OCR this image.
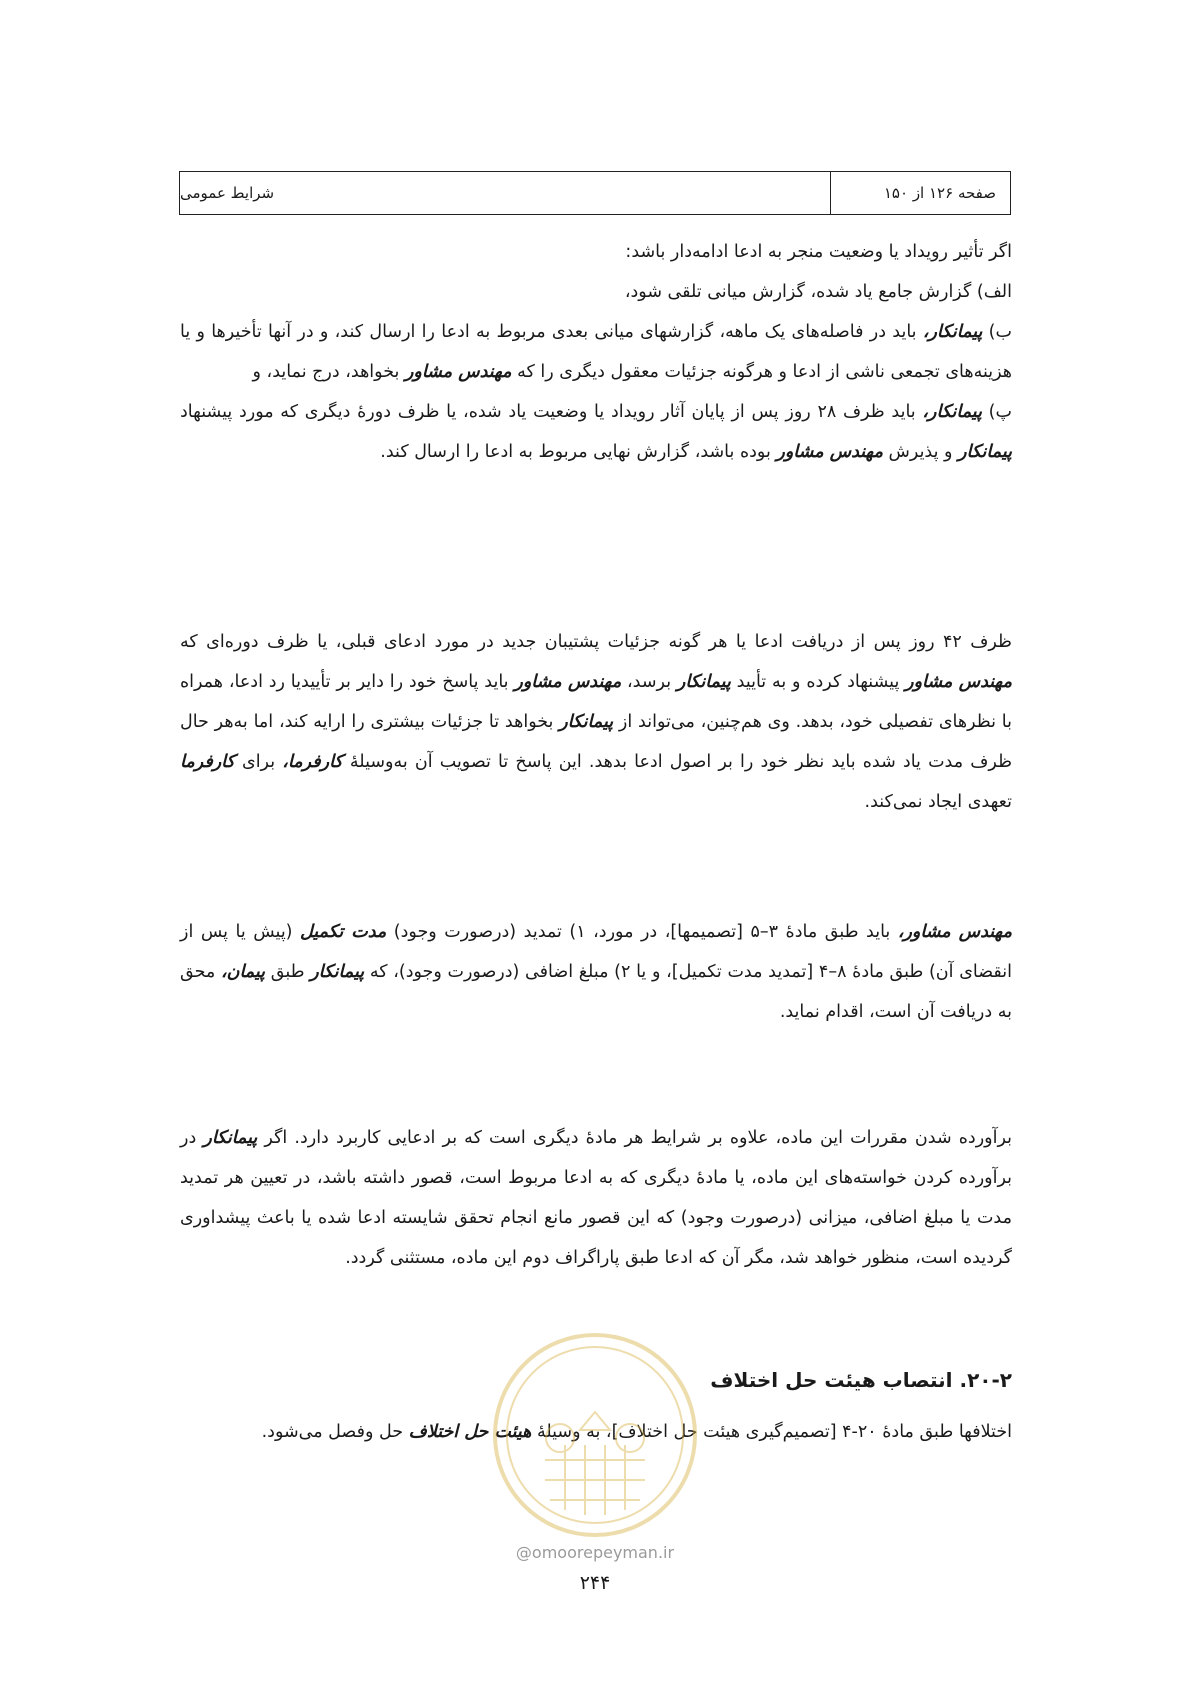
شرایط عمومی	صفحه ۱۲۶ از ۱۵۰

اگر تأثیر رویداد یا وضعیت منجر به ادعا ادامه‌دار باشد:

الف) گزارش جامع یاد شده، گزارش میانی تلقی شود،

ب) پیمانکار، باید در فاصله‌های یک ماهه، گزارشهای میانی بعدی مربوط به ادعا را ارسال کند، و در آنها تأخیرها و یا هزینه‌های تجمعی ناشی از ادعا و هرگونه جزئیات معقول دیگری را که مهندس مشاور بخواهد، درج نماید، و

پ) پیمانکار، باید ظرف ۲۸ روز پس از پایان آثار رویداد یا وضعیت یاد شده، یا ظرف دورهٔ دیگری که مورد پیشنهاد پیمانکار و پذیرش مهندس مشاور بوده باشد، گزارش نهایی مربوط به ادعا را ارسال کند.

ظرف ۴۲ روز پس از دریافت ادعا یا هر گونه جزئیات پشتیبان جدید در مورد ادعای قبلی، یا ظرف دوره‌ای که مهندس مشاور پیشنهاد کرده و به تأیید پیمانکار برسد، مهندس مشاور باید پاسخ خود را دایر بر تأییدیا رد ادعا، همراه با نظرهای تفصیلی خود، بدهد. وی هم‌چنین، می‌تواند از پیمانکار بخواهد تا جزئیات بیشتری را ارایه کند، اما به‌هر حال ظرف مدت یاد شده باید نظر خود را بر اصول ادعا بدهد. این پاسخ تا تصویب آن به‌وسیلهٔ کارفرما، برای کارفرما تعهدی ایجاد نمی‌کند.

مهندس مشاور، باید طبق مادهٔ ۳–۵ [تصمیمها]، در مورد، ۱) تمدید (درصورت وجود) مدت تکمیل (پیش یا پس از انقضای آن) طبق مادهٔ ۸–۴ [تمدید مدت تکمیل]، و یا ۲) مبلغ اضافی (درصورت وجود)، که پیمانکار طبق پیمان، محق به دریافت آن است، اقدام نماید.

برآورده شدن مقررات این ماده، علاوه بر شرایط هر مادهٔ دیگری است که بر ادعایی کاربرد دارد. اگر پیمانکار در برآورده کردن خواسته‌های این ماده، یا مادهٔ دیگری که به ادعا مربوط است، قصور داشته باشد، در تعیین هر تمدید مدت یا مبلغ اضافی، میزانی (درصورت وجود) که این قصور مانع انجام تحقق شایسته ادعا شده یا باعث پیشداوری گردیده است، منظور خواهد شد، مگر آن که ادعا طبق پاراگراف دوم این ماده، مستثنی گردد.

۲۰-۲. انتصاب هیئت حل اختلاف

اختلافها طبق مادهٔ ۲۰-۴ [تصمیم‌گیری هیئت حل اختلاف]، به وسیلهٔ هیئت حل اختلاف حل وفصل می‌شود.

@omoorepeyman.ir
۲۴۴
